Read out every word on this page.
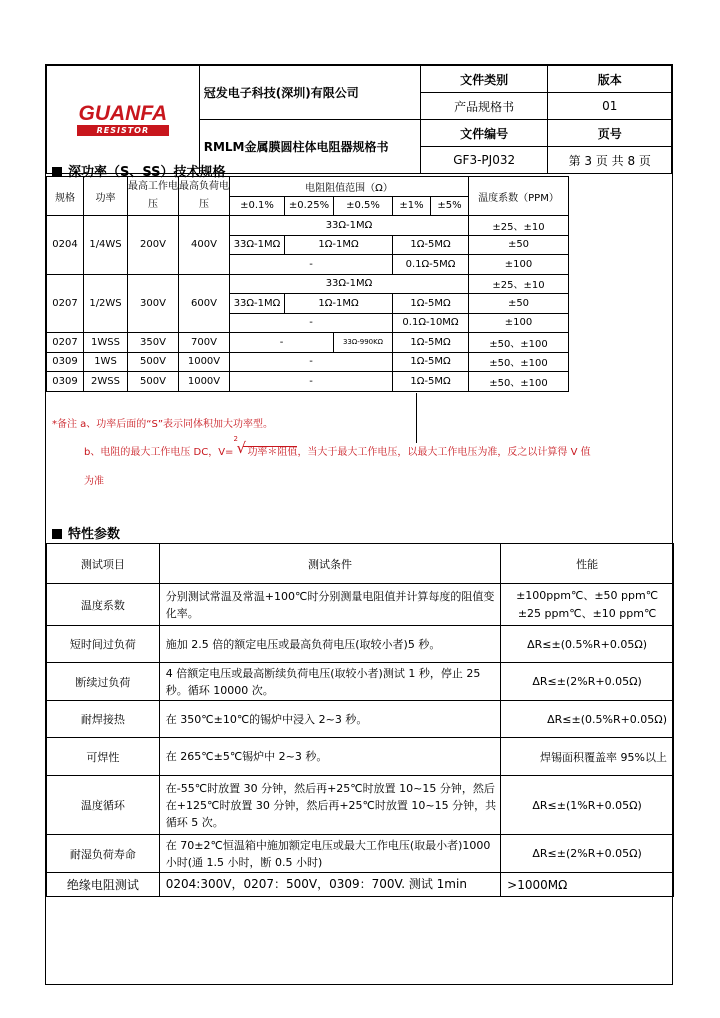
GUANFA
RESISTOR	冠发电子科技(深圳)有限公司	文件类别	版本
		产品规格书	01
	RMLM金属膜圆柱体电阻器规格书	文件编号	页号
		GF3-PJ032	第 3 页 共 8 页
深功率（S、SS）技术规格
规格	功率	最高工作电压	最高负荷电压	电阻阻值范围（Ω）					温度系数（PPM）
				±0.1%	±0.25%	±0.5%	±1%	±5%	
0204	1/4WS	200V	400V	33Ω-1MΩ					±25、±10
				33Ω-1MΩ	1Ω-1MΩ		1Ω-5MΩ		±50
				-			0.1Ω-5MΩ		±100
0207	1/2WS	300V	600V	33Ω-1MΩ					±25、±10
				33Ω-1MΩ	1Ω-1MΩ		1Ω-5MΩ		±50
				-			0.1Ω-10MΩ		±100
0207	1WSS	350V	700V	-		33Ω-990KΩ	1Ω-5MΩ		±50、±100
0309	1WS	500V	1000V	-			1Ω-5MΩ		±50、±100
0309	2WSS	500V	1000V	-			1Ω-5MΩ		±50、±100
*备注 a、功率后面的“S”表示同体积加大功率型。
b、电阻的最大工作电压 DC，V=
2
√ 功率＊阻值，当大于最大工作电压，以最大工作电压为准，反之以计算得 V 值
为准
特性参数
测试项目	测试条件	性能
温度系数	分别测试常温及常温+100℃时分别测量电阻值并计算每度的阻值变化率。	±100ppm℃、±50 ppm℃
±25 ppm℃、±10 ppm℃

短时间过负荷	施加 2.5 倍的额定电压或最高负荷电压(取较小者)5 秒。	ΔR≤±(0.5%R+0.05Ω)
断续过负荷	4 倍额定电压或最高断续负荷电压(取较小者)测试 1 秒，停止 25 秒。循环 10000 次。	ΔR≤±(2%R+0.05Ω)
耐焊接热	在 350℃±10℃的锡炉中浸入 2~3 秒。	ΔR≤±(0.5%R+0.05Ω)
可焊性	在 265℃±5℃锡炉中 2~3 秒。	焊锡面积覆盖率 95%以上
温度循环	在-55℃时放置 30 分钟，然后再+25℃时放置 10~15 分钟，然后在+125℃时放置 30 分钟，然后再+25℃时放置 10~15 分钟，共循环 5 次。	ΔR≤±(1%R+0.05Ω)
耐湿负荷寿命	在 70±2℃恒温箱中施加额定电压或最大工作电压(取最小者)1000 小时(通 1.5 小时，断 0.5 小时)	ΔR≤±(2%R+0.05Ω)
绝缘电阻测试	0204:300V，0207：500V，0309：700V. 测试 1min	>1000MΩ
